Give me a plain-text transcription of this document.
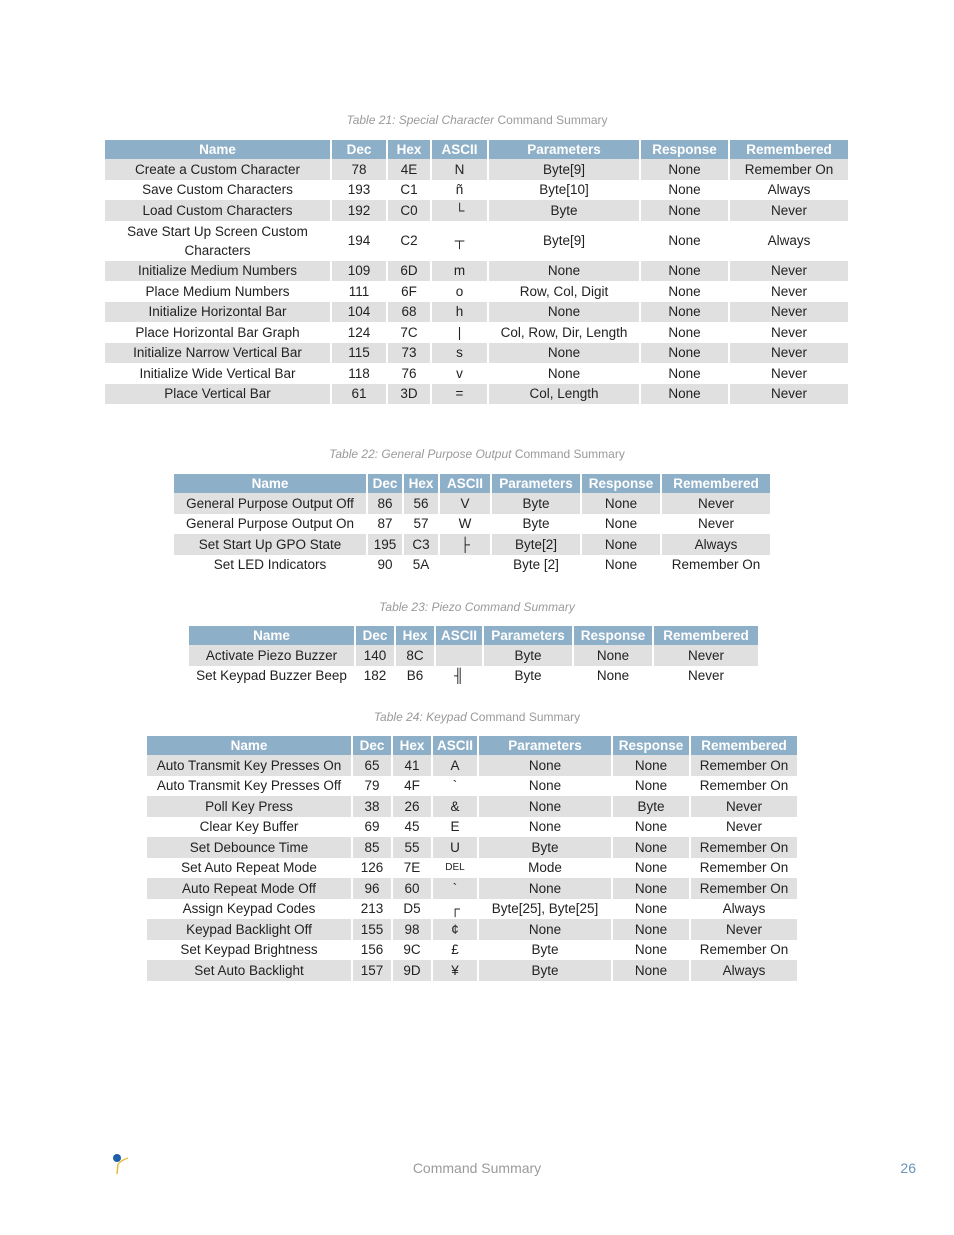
Table 21: Special Character Command Summary
Name	Dec	Hex	ASCII	Parameters	Response	Remembered
Create a Custom Character	78	4E	N	Byte[9]	None	Remember On
Save Custom Characters	193	C1	ñ	Byte[10]	None	Always
Load Custom Characters	192	C0	└	Byte	None	Never
Save Start Up Screen Custom Characters	194	C2	┬	Byte[9]	None	Always
Initialize Medium Numbers	109	6D	m	None	None	Never
Place Medium Numbers	111	6F	o	Row, Col, Digit	None	Never
Initialize Horizontal Bar	104	68	h	None	None	Never
Place Horizontal Bar Graph	124	7C	|	Col, Row, Dir, Length	None	Never
Initialize Narrow Vertical Bar	115	73	s	None	None	Never
Initialize Wide Vertical Bar	118	76	v	None	None	Never
Place Vertical Bar	61	3D	=	Col, Length	None	Never
Table 22: General Purpose Output Command Summary
Name	Dec	Hex	ASCII	Parameters	Response	Remembered
General Purpose Output Off	86	56	V	Byte	None	Never
General Purpose Output On	87	57	W	Byte	None	Never
Set Start Up GPO State	195	C3	├	Byte[2]	None	Always
Set LED Indicators	90	5A		Byte [2]	None	Remember On
Table 23: Piezo Command Summary
Name	Dec	Hex	ASCII	Parameters	Response	Remembered
Activate Piezo Buzzer	140	8C		Byte	None	Never
Set Keypad Buzzer Beep	182	B6	╢	Byte	None	Never
Table 24: Keypad Command Summary
Name	Dec	Hex	ASCII	Parameters	Response	Remembered
Auto Transmit Key Presses On	65	41	A	None	None	Remember On
Auto Transmit Key Presses Off	79	4F	`	None	None	Remember On
Poll Key Press	38	26	&	None	Byte	Never
Clear Key Buffer	69	45	E	None	None	Never
Set Debounce Time	85	55	U	Byte	None	Remember On
Set Auto Repeat Mode	126	7E	DEL	Mode	None	Remember On
Auto Repeat Mode Off	96	60	`	None	None	Remember On
Assign Keypad Codes	213	D5	┌	Byte[25], Byte[25]	None	Always
Keypad Backlight Off	155	98	¢	None	None	Never
Set Keypad Brightness	156	9C	£	Byte	None	Remember On
Set Auto Backlight	157	9D	¥	Byte	None	Always
Command Summary	26
